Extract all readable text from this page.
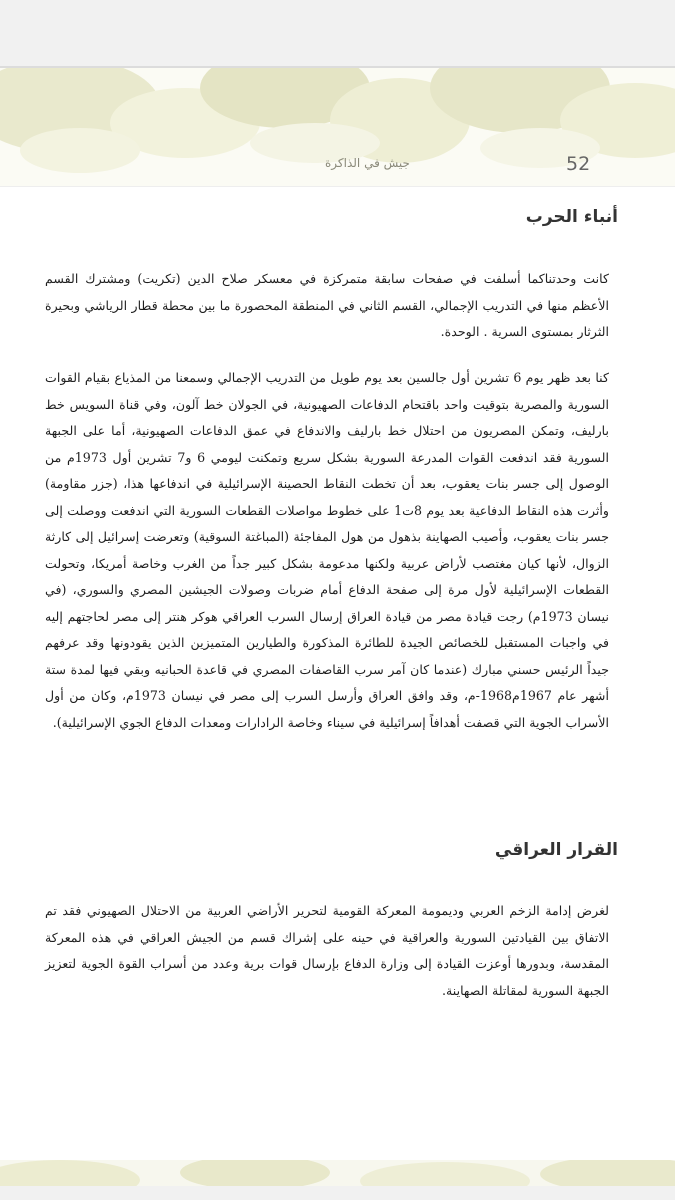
52
جيش في الذاكرة
أنباء الحرب
كانت وحدتناكما أسلفت في صفحات سابقة متمركزة في معسكر صلاح الدين (تكريت) ومشترك القسم الأعظم منها في التدريب الإجمالي، القسم الثاني في المنطقة المحصورة ما بين محطة قطار الرياشي وبحيرة الثرثار بمستوى السرية . الوحدة.
كنا بعد ظهر يوم 6 تشرين أول جالسين بعد يوم طويل من التدريب الإجمالي وسمعنا من المذياع بقيام القوات السورية والمصرية بتوقيت واحد باقتحام الدفاعات الصهيونية، في الجولان خط آلون، وفي قناة السويس خط بارليف، وتمكن المصريون من احتلال خط بارليف والاندفاع في عمق الدفاعات الصهيونية، أما على الجبهة السورية فقد اندفعت القوات المدرعة السورية بشكل سريع وتمكنت ليومي 6 و7 تشرين أول 1973م من الوصول إلى جسر بنات يعقوب، بعد أن تخطت النقاط الحصينة الإسرائيلية في اندفاعها هذا، (جزر مقاومة) وأثرت هذه النقاط الدفاعية بعد يوم 8ت1 على خطوط مواصلات القطعات السورية التي اندفعت ووصلت إلى جسر بنات يعقوب، وأصيب الصهاينة بذهول من هول المفاجئة (المباغتة السوقية) وتعرضت إسرائيل إلى كارثة الزوال، لأنها كيان مغتصب لأراض عربية ولكنها مدعومة بشكل كبير جداً من الغرب وخاصة أمريكا، وتحولت القطعات الإسرائيلية لأول مرة إلى صفحة الدفاع أمام ضربات وصولات الجيشين المصري والسوري، (في نيسان 1973م) رجت قيادة مصر من قيادة العراق إرسال السرب العراقي هوكر هنتر إلى مصر لحاجتهم إليه في واجبات المستقبل للخصائص الجيدة للطائرة المذكورة والطيارين المتميزين الذين يقودونها وقد عرفهم جيداً الرئيس حسني مبارك (عندما كان آمر سرب القاصفات المصري في قاعدة الحبانيه وبقي فيها لمدة ستة أشهر عام 1967م1968-م، وقد وافق العراق وأرسل السرب إلى مصر في نيسان 1973م، وكان من أول الأسراب الجوية التي قصفت أهدافاً إسرائيلية في سيناء وخاصة الرادارات ومعدات الدفاع الجوي الإسرائيلية).
القرار العراقي
لغرض إدامة الزخم العربي وديمومة المعركة القومية لتحرير الأراضي العربية من الاحتلال الصهيوني فقد تم الاتفاق بين القيادتين السورية والعراقية في حينه على إشراك قسم من الجيش العراقي في هذه المعركة المقدسة، وبدورها أوعزت القيادة إلى وزارة الدفاع بإرسال قوات برية وعدد من أسراب القوة الجوية لتعزيز الجبهة السورية لمقاتلة الصهاينة.
